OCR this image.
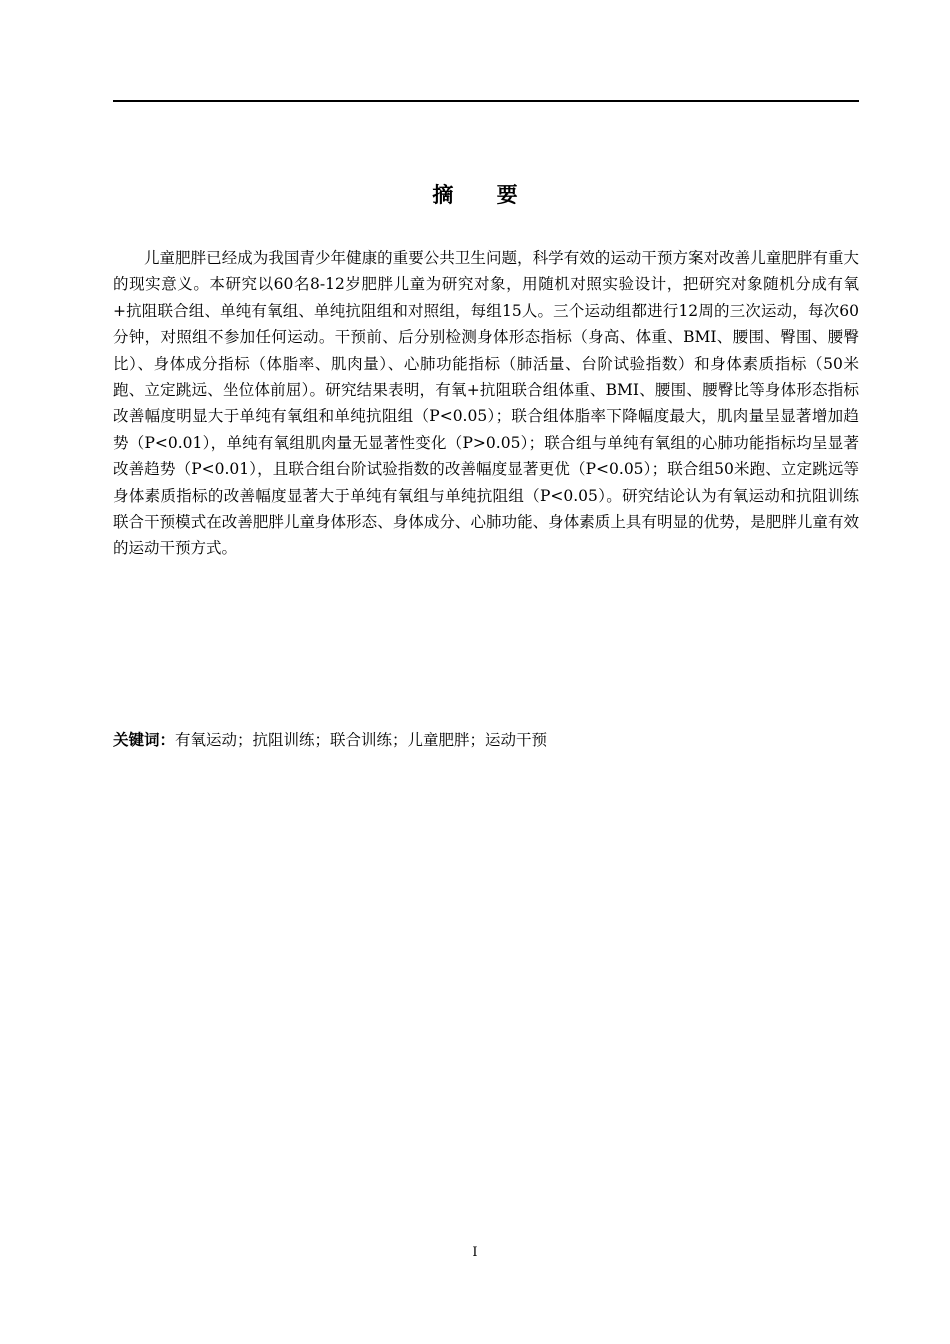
摘 要

儿童肥胖已经成为我国青少年健康的重要公共卫生问题，科学有效的运动干预方案对改善儿童肥胖有重大的现实意义。本研究以60名8-12岁肥胖儿童为研究对象，用随机对照实验设计，把研究对象随机分成有氧+抗阻联合组、单纯有氧组、单纯抗阻组和对照组，每组15人。三个运动组都进行12周的三次运动，每次60分钟，对照组不参加任何运动。干预前、后分别检测身体形态指标（身高、体重、BMI、腰围、臀围、腰臀比）、身体成分指标（体脂率、肌肉量）、心肺功能指标（肺活量、台阶试验指数）和身体素质指标（50米跑、立定跳远、坐位体前屈）。研究结果表明，有氧+抗阻联合组体重、BMI、腰围、腰臀比等身体形态指标改善幅度明显大于单纯有氧组和单纯抗阻组（P<0.05）；联合组体脂率下降幅度最大，肌肉量呈显著增加趋势（P<0.01），单纯有氧组肌肉量无显著性变化（P>0.05）；联合组与单纯有氧组的心肺功能指标均呈显著改善趋势（P<0.01），且联合组台阶试验指数的改善幅度显著更优（P<0.05）；联合组50米跑、立定跳远等身体素质指标的改善幅度显著大于单纯有氧组与单纯抗阻组（P<0.05）。研究结论认为有氧运动和抗阻训练联合干预模式在改善肥胖儿童身体形态、身体成分、心肺功能、身体素质上具有明显的优势，是肥胖儿童有效的运动干预方式。

关键词：有氧运动；抗阻训练；联合训练；儿童肥胖；运动干预

I
